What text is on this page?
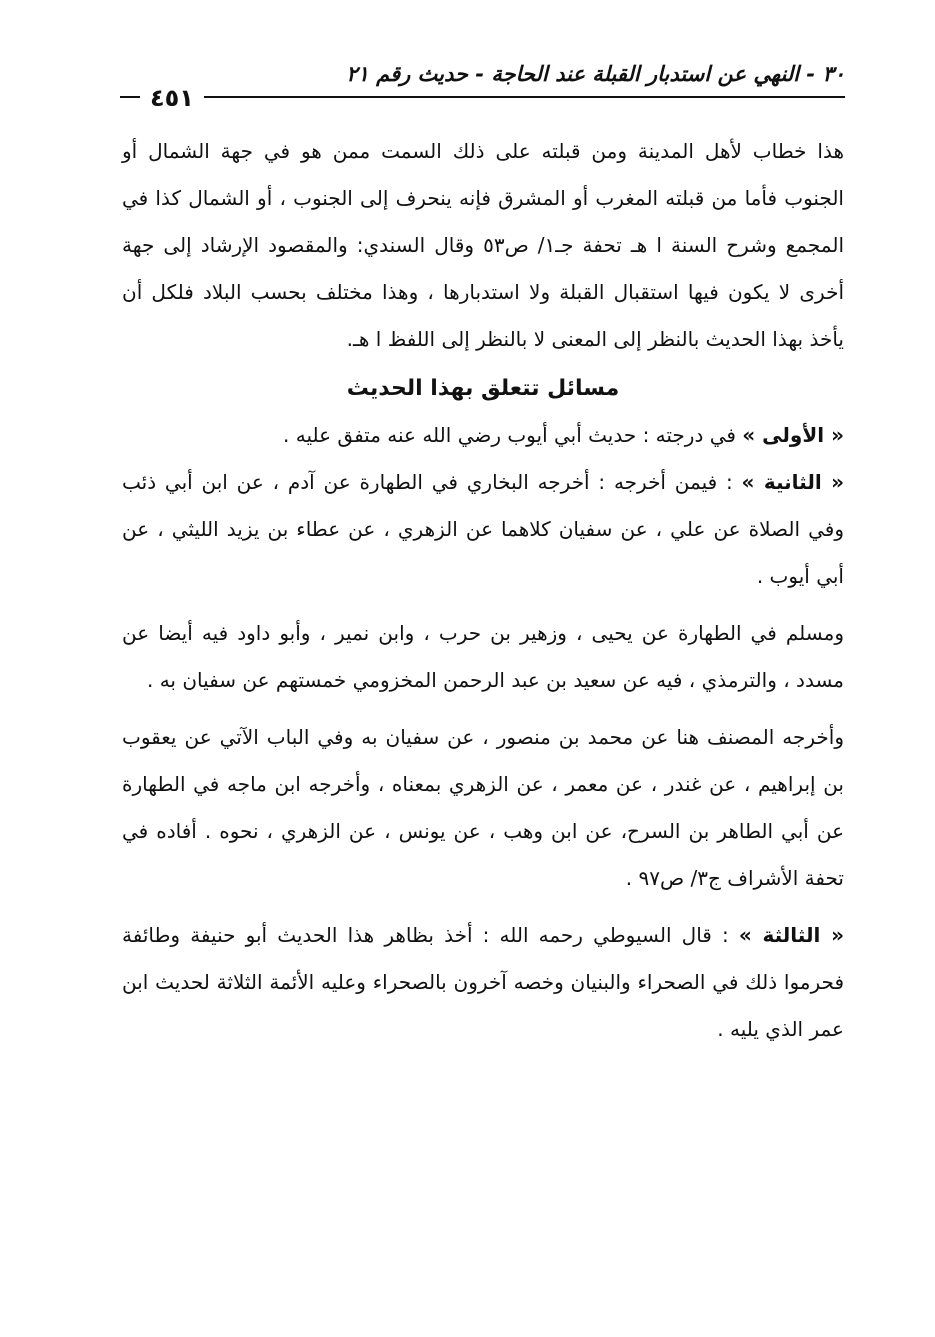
٣٠ - النهي عن استدبار القبلة عند الحاجة - حديث رقم ٢١
٤٥١

هذا خطاب لأهل المدينة ومن قبلته على ذلك السمت ممن هو في جهة الشمال أو الجنوب فأما من قبلته المغرب أو المشرق فإنه ينحرف إلى الجنوب ، أو الشمال كذا في المجمع وشرح السنة ا هـ تحفة جـ١/ ص٥٣ وقال السندي: والمقصود الإرشاد إلى جهة أخرى لا يكون فيها استقبال القبلة ولا استدبارها ، وهذا مختلف بحسب البلاد فلكل أن يأخذ بهذا الحديث بالنظر إلى المعنى لا بالنظر إلى اللفظ ا هـ.

مسائل تتعلق بهذا الحديث

« الأولى » في درجته : حديث أبي أيوب رضي الله عنه متفق عليه .

« الثانية » : فيمن أخرجه : أخرجه البخاري في الطهارة عن آدم ، عن ابن أبي ذئب وفي الصلاة عن علي ، عن سفيان كلاهما عن الزهري ، عن عطاء بن يزيد الليثي ، عن أبي أيوب .

ومسلم في الطهارة عن يحيى ، وزهير بن حرب ، وابن نمير ، وأبو داود فيه أيضا عن مسدد ، والترمذي ، فيه عن سعيد بن عبد الرحمن المخزومي خمستهم عن سفيان به .

وأخرجه المصنف هنا عن محمد بن منصور ، عن سفيان به وفي الباب الآتي عن يعقوب بن إبراهيم ، عن غندر ، عن معمر ، عن الزهري بمعناه ، وأخرجه ابن ماجه في الطهارة عن أبي الطاهر بن السرح، عن ابن وهب ، عن يونس ، عن الزهري ، نحوه . أفاده في تحفة الأشراف ج٣/ ص٩٧ .

« الثالثة » : قال السيوطي رحمه الله : أخذ بظاهر هذا الحديث أبو حنيفة وطائفة فحرموا ذلك في الصحراء والبنيان وخصه آخرون بالصحراء وعليه الأئمة الثلاثة لحديث ابن عمر الذي يليه .
